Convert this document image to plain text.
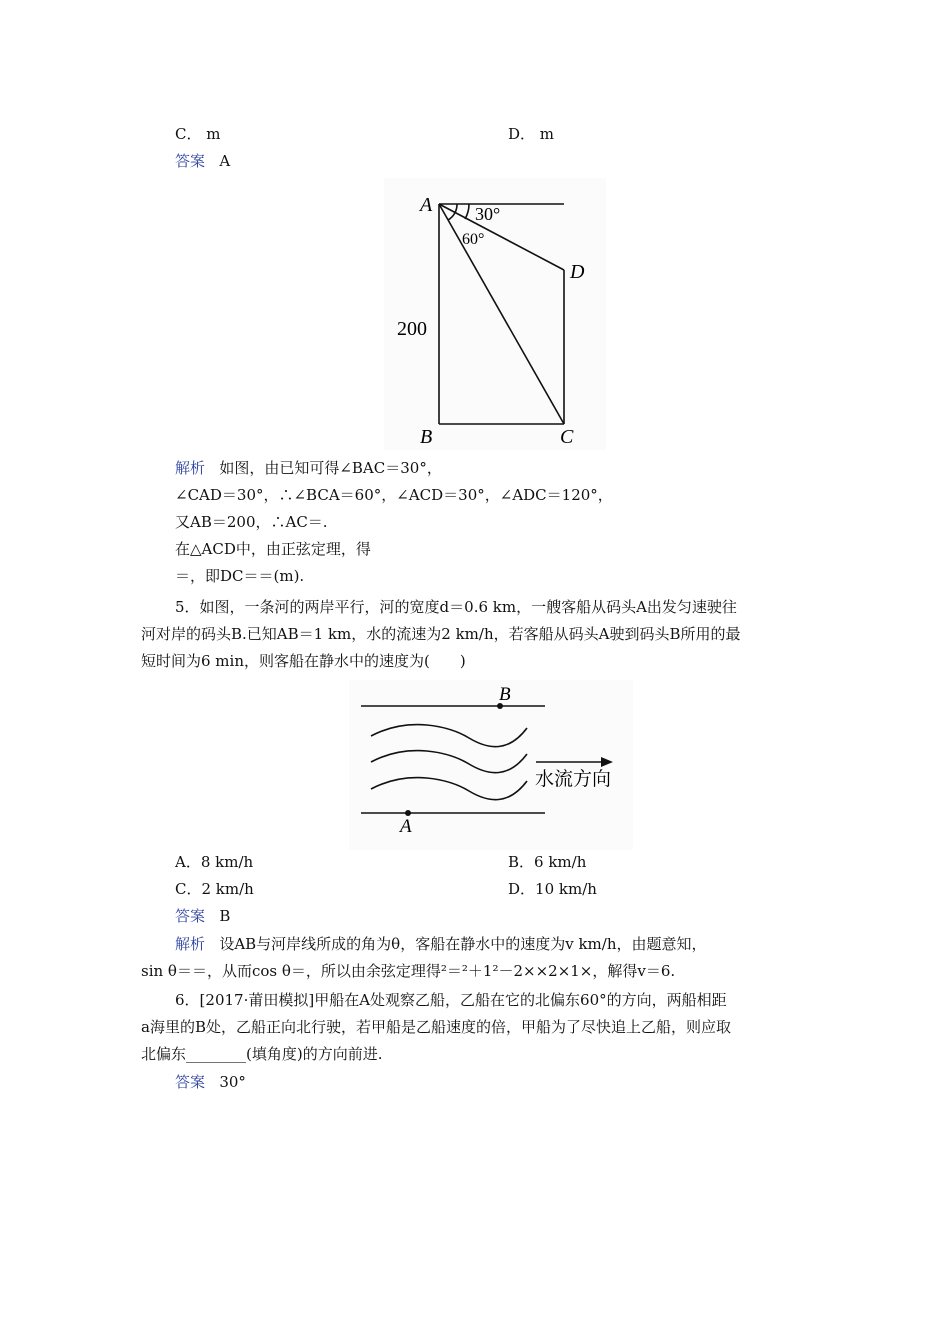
C． m	D． m
答案 A
A 30°
60°
D
200
B	C
解析 如图，由已知可得∠BAC＝30°，
∠CAD＝30°，∴∠BCA＝60°，∠ACD＝30°，∠ADC＝120°，
又AB＝200，∴AC＝.
在△ACD中，由正弦定理，得
＝，即DC＝＝(m).
5．如图，一条河的两岸平行，河的宽度d＝0.6 km，一艘客船从码头A出发匀速驶往
河对岸的码头B.已知AB＝1 km，水的流速为2 km/h，若客船从码头A驶到码头B所用的最
短时间为6 min，则客船在静水中的速度为(　　)
B
A
水流方向
A．8 km/h	B．6 km/h
C．2 km/h	D．10 km/h
答案 B
解析 设AB与河岸线所成的角为θ，客船在静水中的速度为v km/h，由题意知，
sin θ＝＝，从而cos θ＝，所以由余弦定理得²＝²＋1²－2××2×1×，解得v＝6.
6．[2017·莆田模拟]甲船在A处观察乙船，乙船在它的北偏东60°的方向，两船相距
a海里的B处，乙船正向北行驶，若甲船是乙船速度的倍，甲船为了尽快追上乙船，则应取
北偏东________(填角度)的方向前进.
答案 30°
